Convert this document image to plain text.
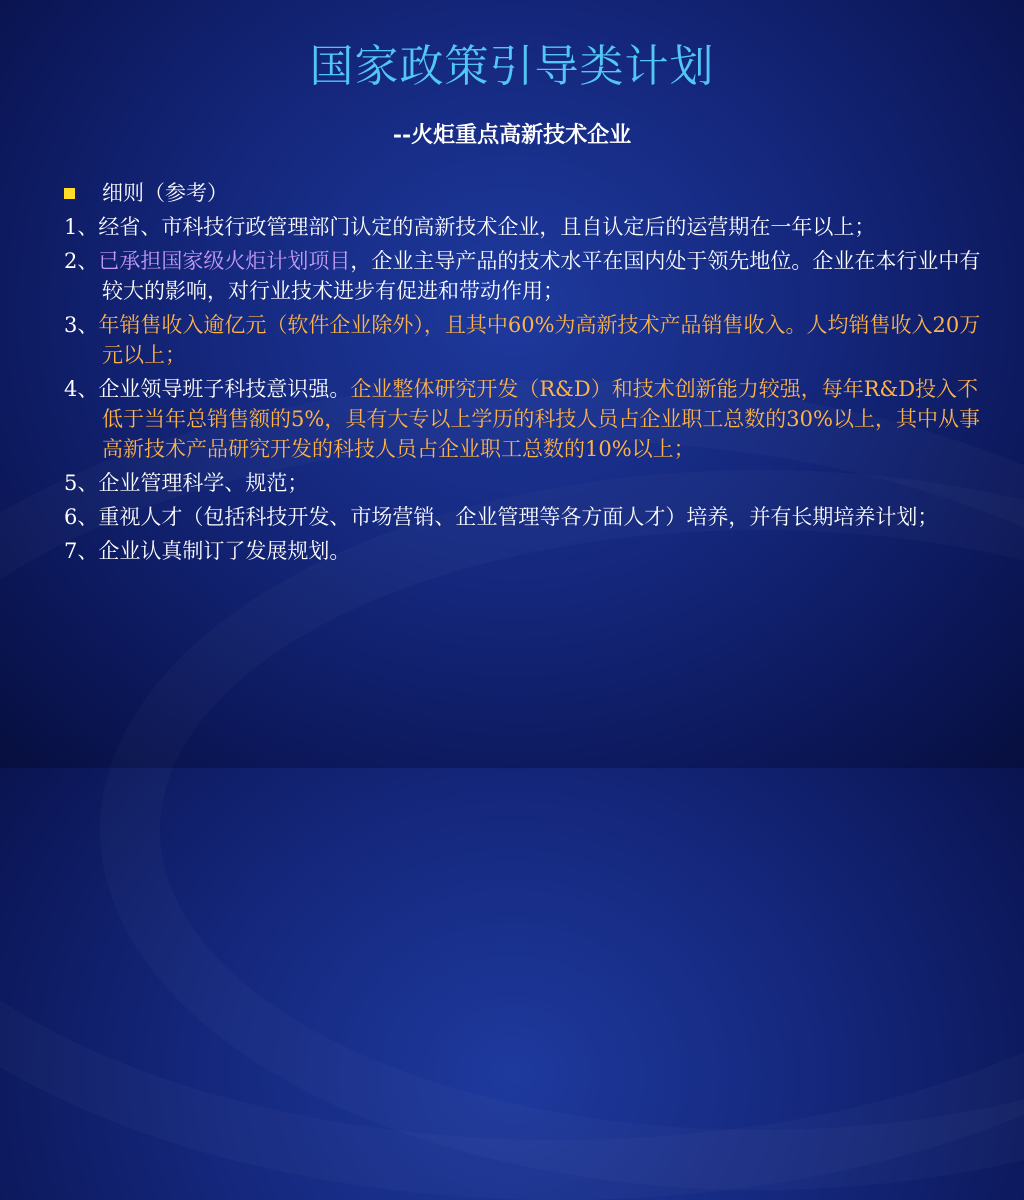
国家政策引导类计划
--火炬重点高新技术企业
细则（参考）
1、经省、市科技行政管理部门认定的高新技术企业，且自认定后的运营期在一年以上；
2、已承担国家级火炬计划项目，企业主导产品的技术水平在国内处于领先地位。企业在本行业中有较大的影响，对行业技术进步有促进和带动作用；
3、年销售收入逾亿元（软件企业除外），且其中60%为高新技术产品销售收入。人均销售收入20万元以上；
4、企业领导班子科技意识强。企业整体研究开发（R&D）和技术创新能力较强，每年R&D投入不低于当年总销售额的5%，具有大专以上学历的科技人员占企业职工总数的30%以上，其中从事高新技术产品研究开发的科技人员占企业职工总数的10%以上；
5、企业管理科学、规范；
6、重视人才（包括科技开发、市场营销、企业管理等各方面人才）培养，并有长期培养计划；
7、企业认真制订了发展规划。
